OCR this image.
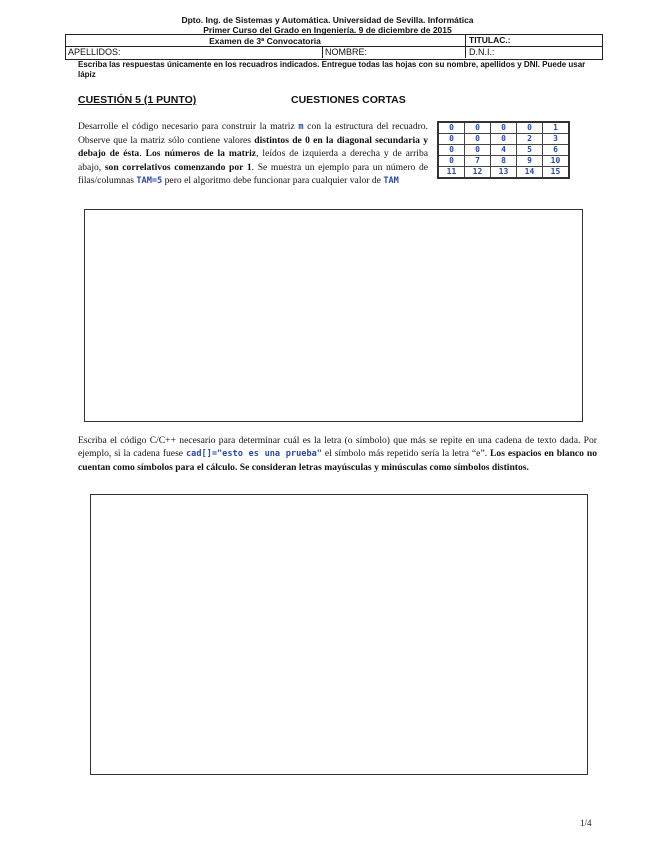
Dpto. Ing. de Sistemas y Automática. Universidad de Sevilla. Informática
Primer Curso del Grado en Ingeniería. 9 de diciembre de 2015
Examen de 3ª Convocatoria	TITULAC.:
APELLIDOS:	NOMBRE:	D.N.I.:
Escriba las respuestas únicamente en los recuadros indicados. Entregue todas las hojas con su nombre, apellidos y DNI. Puede usar lápiz
CUESTIÓN 5 (1 PUNTO)	CUESTIONES CORTAS
Desarrolle el código necesario para construir la matriz m con la estructura del recuadro. Observe que la matriz sólo contiene valores distintos de 0 en la diagonal secundaria y debajo de ésta. Los números de la matriz, leídos de izquierda a derecha y de arriba abajo, son correlativos comenzando por 1. Se muestra un ejemplo para un número de filas/columnas TAM=5 pero el algoritmo debe funcionar para cualquier valor de TAM
0	0	0	0	1
0	0	0	2	3
0	0	4	5	6
0	7	8	9	10
11	12	13	14	15
Escriba el código C/C++ necesario para determinar cuál es la letra (o símbolo) que más se repite en una cadena de texto dada. Por ejemplo, si la cadena fuese cad[]="esto es una prueba" el símbolo más repetido sería la letra “e”. Los espacios en blanco no cuentan como símbolos para el cálculo. Se consideran letras mayúsculas y minúsculas como símbolos distintos.
1/4
